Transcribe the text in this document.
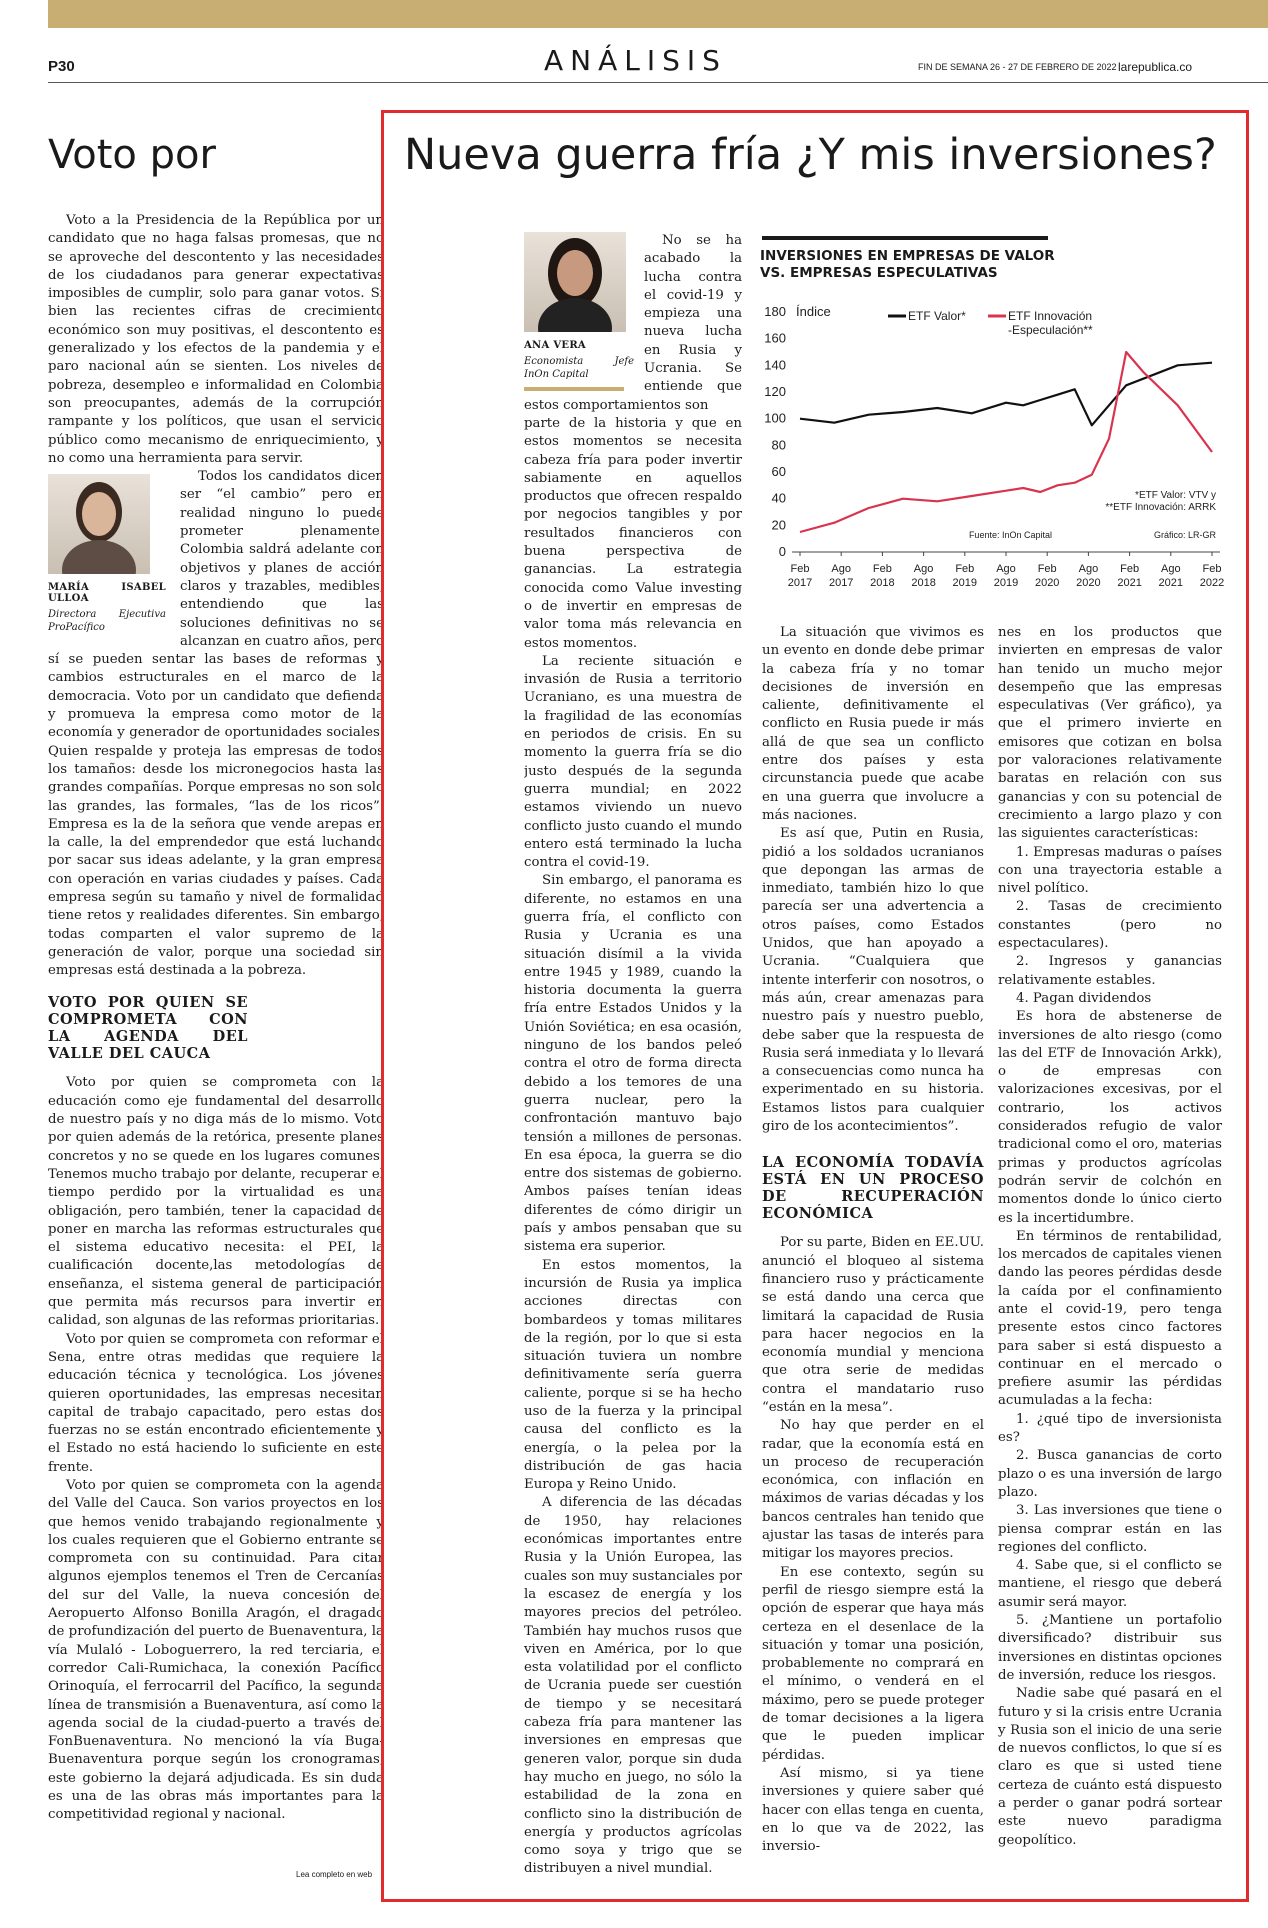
P30	ANÁLISIS	FIN DE SEMANA 26 - 27 DE FEBRERO DE 2022 larepublica.co
Voto por

Voto a la Presidencia de la República por un candidato que no haga falsas promesas, que no se aproveche del descontento y las necesidades de los ciudadanos para generar expectativas imposibles de cumplir, solo para ganar votos. Si bien las recientes cifras de crecimiento económico son muy positivas, el descontento es generalizado y los efectos de la pandemia y el paro nacional aún se sienten. Los niveles de pobreza, desempleo e informalidad en Colombia son preocupantes, además de la corrupción rampante y los políticos, que usan el servicio público como mecanismo de enriquecimiento, y no como una herramienta para servir.

MARÍA ISABEL ULLOA
Directora Ejecutiva ProPacífico

Todos los candidatos dicen ser “el cambio” pero en realidad ninguno lo puede prometer plenamente. Colombia saldrá adelante con objetivos y planes de acción claros y trazables, medibles, entendiendo que las soluciones definitivas no se alcanzan en cuatro años, pero sí se pueden sentar las bases de reformas y cambios estructurales en el marco de la democracia. Voto por un candidato que defienda y promueva la empresa como motor de la economía y generador de oportunidades sociales. Quien respalde y proteja las empresas de todos los tamaños: desde los micronegocios hasta las grandes compañías. Porque empresas no son solo las grandes, las formales, “las de los ricos”. Empresa es la de la señora que vende arepas en la calle, la del emprendedor que está luchando por sacar sus ideas adelante, y la gran empresa con operación en varias ciudades y países. Cada empresa según su tamaño y nivel de formalidad tiene retos y realidades diferentes. Sin embargo, todas comparten el valor supremo de la generación de valor, porque una sociedad sin empresas está destinada a la pobreza.

VOTO POR QUIEN SE COMPROMETA CON LA AGENDA DEL VALLE DEL CAUCA

Voto por quien se comprometa con la educación como eje fundamental del desarrollo de nuestro país y no diga más de lo mismo. Voto por quien además de la retórica, presente planes concretos y no se quede en los lugares comunes. Tenemos mucho trabajo por delante, recuperar el tiempo perdido por la virtualidad es una obligación, pero también, tener la capacidad de poner en marcha las reformas estructurales que el sistema educativo necesita: el PEI, la cualificación docente,las metodologías de enseñanza, el sistema general de participación que permita más recursos para invertir en calidad, son algunas de las reformas prioritarias.

Voto por quien se comprometa con reformar el Sena, entre otras medidas que requiere la educación técnica y tecnológica. Los jóvenes quieren oportunidades, las empresas necesitan capital de trabajo capacitado, pero estas dos fuerzas no se están encontrado eficientemente y el Estado no está haciendo lo suficiente en este frente.

Voto por quien se comprometa con la agenda del Valle del Cauca. Son varios proyectos en los que hemos venido trabajando regionalmente y los cuales requieren que el Gobierno entrante se comprometa con su continuidad. Para citar algunos ejemplos tenemos el Tren de Cercanías del sur del Valle, la nueva concesión del Aeropuerto Alfonso Bonilla Aragón, el dragado de profundización del puerto de Buenaventura, la vía Mulaló - Loboguerrero, la red terciaria, el corredor Cali-Rumichaca, la conexión Pacífico Orinoquía, el ferrocarril del Pacífico, la segunda línea de transmisión a Buenaventura, así como la agenda social de la ciudad-puerto a través del FonBuenaventura. No mencionó la vía Buga-Buenaventura porque según los cronogramas, este gobierno la dejará adjudicada. Es sin duda es una de las obras más importantes para la competitividad regional y nacional.

Lea completo en web
Nueva guerra fría ¿Y mis inversiones?
ANA VERA
Economista Jefe InOn Capital

No se ha acabado la lucha contra el covid-19 y empieza una nueva lucha en Rusia y Ucrania. Se entiende que estos comportamientos son

parte de la historia y que en estos momentos se necesita cabeza fría para poder invertir sabiamente en aquellos productos que ofrecen respaldo por negocios tangibles y por resultados financieros con buena perspectiva de ganancias. La estrategia conocida como Value investing o de invertir en empresas de valor toma más relevancia en estos momentos.

La reciente situación e invasión de Rusia a territorio Ucraniano, es una muestra de la fragilidad de las economías en periodos de crisis. En su momento la guerra fría se dio justo después de la segunda guerra mundial; en 2022 estamos viviendo un nuevo conflicto justo cuando el mundo entero está terminado la lucha contra el covid-19.

Sin embargo, el panorama es diferente, no estamos en una guerra fría, el conflicto con Rusia y Ucrania es una situación disímil a la vivida entre 1945 y 1989, cuando la historia documenta la guerra fría entre Estados Unidos y la Unión Soviética; en esa ocasión, ninguno de los bandos peleó contra el otro de forma directa debido a los temores de una guerra nuclear, pero la confrontación mantuvo bajo tensión a millones de personas. En esa época, la guerra se dio entre dos sistemas de gobierno. Ambos países tenían ideas diferentes de cómo dirigir un país y ambos pensaban que su sistema era superior.

En estos momentos, la incursión de Rusia ya implica acciones directas con bombardeos y tomas militares de la región, por lo que si esta situación tuviera un nombre definitivamente sería guerra caliente, porque si se ha hecho uso de la fuerza y la principal causa del conflicto es la energía, o la pelea por la distribución de gas hacia Europa y Reino Unido.

A diferencia de las décadas de 1950, hay relaciones económicas importantes entre Rusia y la Unión Europea, las cuales son muy sustanciales por la escasez de energía y los mayores precios del petróleo. También hay muchos rusos que viven en América, por lo que esta volatilidad por el conflicto de Ucrania puede ser cuestión de tiempo y se necesitará cabeza fría para mantener las inversiones en empresas que generen valor, porque sin duda hay mucho en juego, no sólo la estabilidad de la zona en conflicto sino la distribución de energía y productos agrícolas como soya y trigo que se distribuyen a nivel mundial.

INVERSIONES EN EMPRESAS DE VALOR VS. EMPRESAS ESPECULATIVAS
0
20
40
60
80
100
120
140
160
180 Índice
Feb
2017
Ago
2017
Feb
2018
Ago
2018
Feb
2019
Ago
2019
Feb
2020
Ago
2020
Feb
2021
Ago
2021
Feb
2022
ETF Valor*	ETF Innovación
-Especulación**
*ETF Valor: VTV y
**ETF Innovación: ARRK
Fuente: InOn Capital	Gráfico: LR-GR

La situación que vivimos es un evento en donde debe primar la cabeza fría y no tomar decisiones de inversión en caliente, definitivamente el conflicto en Rusia puede ir más allá de que sea un conflicto entre dos países y esta circunstancia puede que acabe en una guerra que involucre a más naciones.

Es así que, Putin en Rusia, pidió a los soldados ucranianos que depongan las armas de inmediato, también hizo lo que parecía ser una advertencia a otros países, como Estados Unidos, que han apoyado a Ucrania. “Cualquiera que intente interferir con nosotros, o más aún, crear amenazas para nuestro país y nuestro pueblo, debe saber que la respuesta de Rusia será inmediata y lo llevará a consecuencias como nunca ha experimentado en su historia. Estamos listos para cualquier giro de los acontecimientos”.

LA ECONOMÍA TODAVÍA ESTÁ EN UN PROCESO DE RECUPERACIÓN ECONÓMICA

Por su parte, Biden en EE.UU. anunció el bloqueo al sistema financiero ruso y prácticamente se está dando una cerca que limitará la capacidad de Rusia para hacer negocios en la economía mundial y menciona que otra serie de medidas contra el mandatario ruso “están en la mesa”.

No hay que perder en el radar, que la economía está en un proceso de recuperación económica, con inflación en máximos de varias décadas y los bancos centrales han tenido que ajustar las tasas de interés para mitigar los mayores precios.

En ese contexto, según su perfil de riesgo siempre está la opción de esperar que haya más certeza en el desenlace de la situación y tomar una posición, probablemente no comprará en el mínimo, o venderá en el máximo, pero se puede proteger de tomar decisiones a la ligera que le pueden implicar pérdidas.

Así mismo, si ya tiene inversiones y quiere saber qué hacer con ellas tenga en cuenta, en lo que va de 2022, las inversio-

nes en los productos que invierten en empresas de valor han tenido un mucho mejor desempeño que las empresas especulativas (Ver gráfico), ya que el primero invierte en emisores que cotizan en bolsa por valoraciones relativamente baratas en relación con sus ganancias y con su potencial de crecimiento a largo plazo y con las siguientes características:

1. Empresas maduras o países con una trayectoria estable a nivel político.

2. Tasas de crecimiento constantes (pero no espectaculares).

2. Ingresos y ganancias relativamente estables.

4. Pagan dividendos

Es hora de abstenerse de inversiones de alto riesgo (como las del ETF de Innovación Arkk), o de empresas con valorizaciones excesivas, por el contrario, los activos considerados refugio de valor tradicional como el oro, materias primas y productos agrícolas podrán servir de colchón en momentos donde lo único cierto es la incertidumbre.

En términos de rentabilidad, los mercados de capitales vienen dando las peores pérdidas desde la caída por el confinamiento ante el covid-19, pero tenga presente estos cinco factores para saber si está dispuesto a continuar en el mercado o prefiere asumir las pérdidas acumuladas a la fecha:

1. ¿qué tipo de inversionista es?

2. Busca ganancias de corto plazo o es una inversión de largo plazo.

3. Las inversiones que tiene o piensa comprar están en las regiones del conflicto.

4. Sabe que, si el conflicto se mantiene, el riesgo que deberá asumir será mayor.

5. ¿Mantiene un portafolio diversificado? distribuir sus inversiones en distintas opciones de inversión, reduce los riesgos.

Nadie sabe qué pasará en el futuro y si la crisis entre Ucrania y Rusia son el inicio de una serie de nuevos conflictos, lo que sí es claro es que si usted tiene certeza de cuánto está dispuesto a perder o ganar podrá sortear este nuevo paradigma geopolítico.
